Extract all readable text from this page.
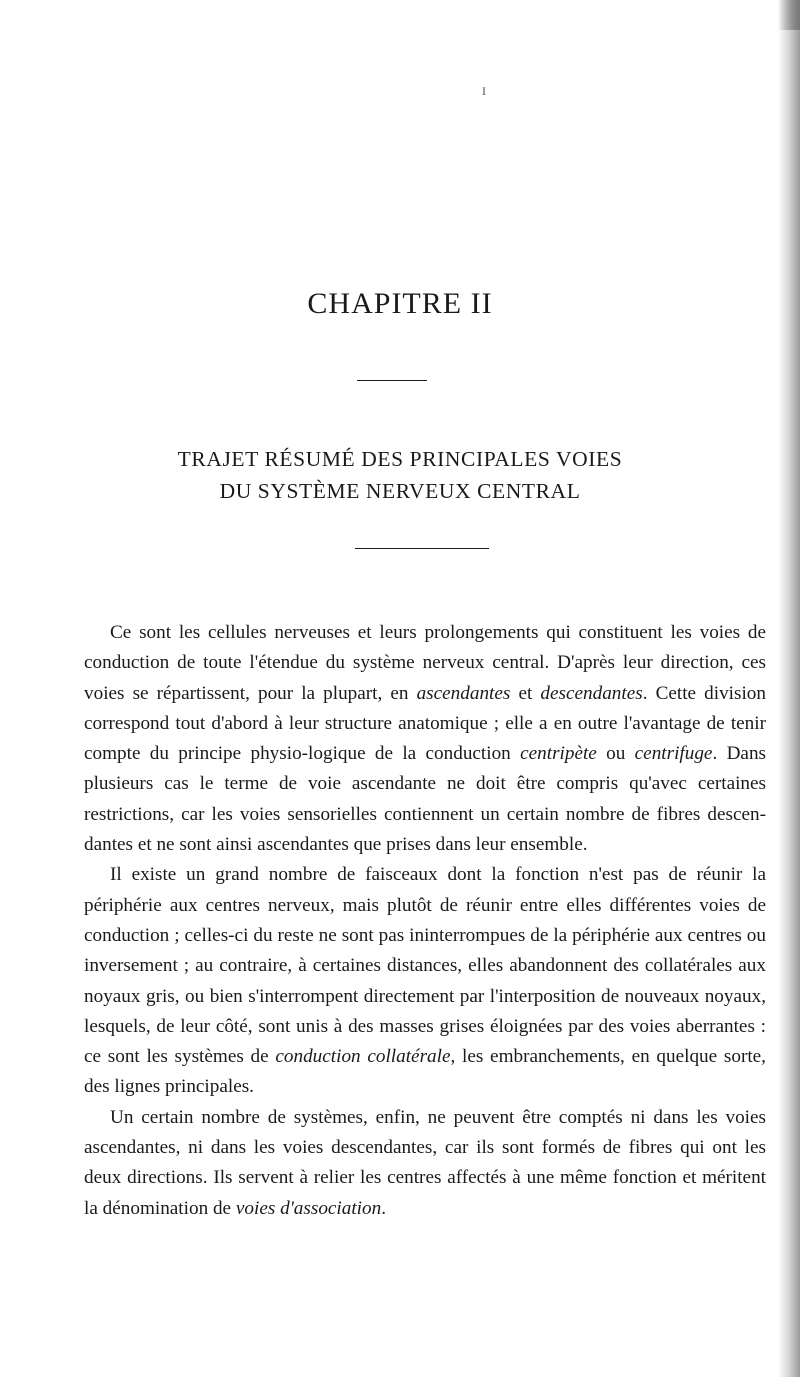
I
CHAPITRE II
TRAJET RÉSUMÉ DES PRINCIPALES VOIES
DU SYSTÈME NERVEUX CENTRAL

Ce sont les cellules nerveuses et leurs prolongements qui constituent les voies de conduction de toute l'étendue du système nerveux central. D'après leur direction, ces voies se répartissent, pour la plupart, en ascendantes et descendantes. Cette division correspond tout d'abord à leur structure anatomique ; elle a en outre l'avantage de tenir compte du principe physio-logique de la conduction centripète ou centrifuge. Dans plusieurs cas le terme de voie ascendante ne doit être compris qu'avec certaines restrictions, car les voies sensorielles contiennent un certain nombre de fibres descen-dantes et ne sont ainsi ascendantes que prises dans leur ensemble.

Il existe un grand nombre de faisceaux dont la fonction n'est pas de réunir la périphérie aux centres nerveux, mais plutôt de réunir entre elles différentes voies de conduction ; celles-ci du reste ne sont pas ininterrompues de la périphérie aux centres ou inversement ; au contraire, à certaines distances, elles abandonnent des collatérales aux noyaux gris, ou bien s'interrompent directement par l'interposition de nouveaux noyaux, lesquels, de leur côté, sont unis à des masses grises éloignées par des voies aberrantes : ce sont les systèmes de conduction collatérale, les embranchements, en quelque sorte, des lignes principales.

Un certain nombre de systèmes, enfin, ne peuvent être comptés ni dans les voies ascendantes, ni dans les voies descendantes, car ils sont formés de fibres qui ont les deux directions. Ils servent à relier les centres affectés à une même fonction et méritent la dénomination de voies d'association.
